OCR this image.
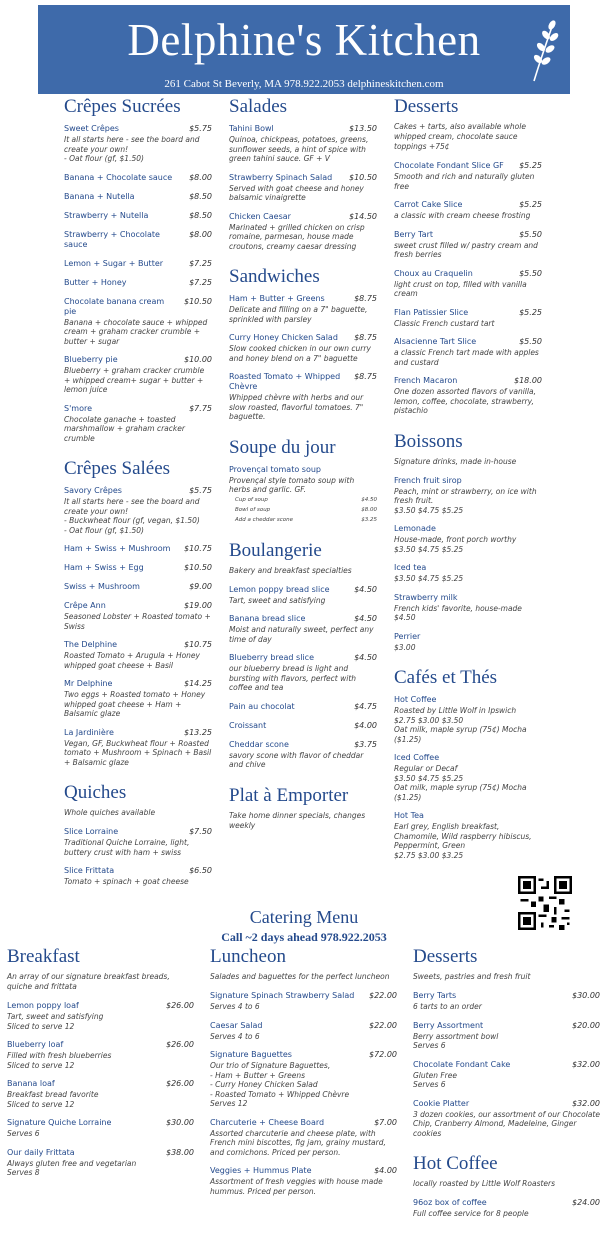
Delphine's Kitchen
261 Cabot St Beverly, MA 978.922.2053 delphineskitchen.com
Crêpes Sucrées
Sweet Crêpes	$5.75
It all starts here - see the board and create your own!
- Oat flour (gf, $1.50)
Banana + Chocolate sauce $8.00
Banana + Nutella	$8.50
Strawberry + Nutella	$8.50
Strawberry + Chocolate sauce
$8.00
Lemon + Sugar + Butter	$7.25
Butter + Honey	$7.25
Chocolate banana cream pie
$10.50
Banana + chocolate sauce + whipped cream + graham cracker crumble + butter + sugar
Blueberry pie	$10.00
Blueberry + graham cracker crumble + whipped cream+ sugar + butter + lemon juice
S'more	$7.75
Chocolate ganache + toasted marshmallow + graham cracker crumble
Crêpes Salées
Savory Crêpes	$5.75
It all starts here - see the board and create your own!
- Buckwheat flour (gf, vegan, $1.50)
- Oat flour (gf, $1.50)
Ham + Swiss + Mushroom $10.75
Ham + Swiss + Egg	$10.50
Swiss + Mushroom	$9.00
Crêpe Ann	$19.00
Seasoned Lobster + Roasted tomato + Swiss
The Delphine	$10.75
Roasted Tomato + Arugula + Honey whipped goat cheese + Basil
Mr Delphine	$14.25
Two eggs + Roasted tomato + Honey whipped goat cheese + Ham + Balsamic glaze
La Jardinière	$13.25
Vegan, GF, Buckwheat flour + Roasted tomato + Mushroom + Spinach + Basil + Balsamic glaze
Quiches
Whole quiches available
Slice Lorraine	$7.50
Traditional Quiche Lorraine, light, buttery crust with ham + swiss
Slice Frittata	$6.50
Tomato + spinach + goat cheese
Salades
Tahini Bowl	$13.50
Quinoa, chickpeas, potatoes, greens, sunflower seeds, a hint of spice with green tahini sauce. GF + V
Strawberry Spinach Salad $10.50
Served with goat cheese and honey balsamic vinaigrette
Chicken Caesar	$14.50
Marinated + grilled chicken on crisp romaine, parmesan, house made croutons, creamy caesar dressing
Sandwiches
Ham + Butter + Greens	$8.75
Delicate and filling on a 7" baguette, sprinkled with parsley
Curry Honey Chicken Salad $8.75
Slow cooked chicken in our own curry and honey blend on a 7" baguette
Roasted Tomato + Whipped Chèvre
$8.75
Whipped chèvre with herbs and our slow roasted, flavorful tomatoes. 7" baguette.
Soupe du jour
Provençal tomato soup
Provençal style tomato soup with herbs and garlic. GF.
Cup of soup	$4.50
Bowl of soup	$8.00
Add a cheddar scone	$3.25
Boulangerie
Bakery and breakfast specialties
Lemon poppy bread slice	$4.50
Tart, sweet and satisfying
Banana bread slice	$4.50
Moist and naturally sweet, perfect any time of day
Blueberry bread slice	$4.50
our blueberry bread is light and bursting with flavors, perfect with coffee and tea
Pain au chocolat	$4.75
Croissant	$4.00
Cheddar scone	$3.75
savory scone with flavor of cheddar and chive
Plat à Emporter
Take home dinner specials, changes weekly
Desserts
Cakes + tarts, also available whole whipped cream, chocolate sauce toppings +75¢
Chocolate Fondant Slice GF $5.25
Smooth and rich and naturally gluten free
Carrot Cake Slice	$5.25
a classic with cream cheese frosting
Berry Tart	$5.50
sweet crust filled w/ pastry cream and fresh berries
Choux au Craquelin	$5.50
light crust on top, filled with vanilla cream
Flan Patissier Slice	$5.25
Classic French custard tart
Alsacienne Tart Slice	$5.50
a classic French tart made with apples and custard
French Macaron	$18.00
One dozen assorted flavors of vanilla, lemon, coffee, chocolate, strawberry, pistachio
Boissons
Signature drinks, made in-house
French fruit sirop
Peach, mint or strawberry, on ice with fresh fruit.
$3.50 $4.75 $5.25
Lemonade
House-made, front porch worthy
$3.50 $4.75 $5.25
Iced tea
$3.50 $4.75 $5.25
Strawberry milk
French kids' favorite, house-made
$4.50
Perrier
$3.00
Cafés et Thés
Hot Coffee
Roasted by Little Wolf in Ipswich
$2.75 $3.00 $3.50
Oat milk, maple syrup (75¢) Mocha ($1.25)
Iced Coffee
Regular or Decaf
$3.50 $4.75 $5.25
Oat milk, maple syrup (75¢) Mocha ($1.25)
Hot Tea
Earl grey, English breakfast, Chamomile, Wild raspberry hibiscus, Peppermint, Green
$2.75 $3.00 $3.25
Catering Menu
Call ~2 days ahead 978.922.2053
Breakfast
An array of our signature breakfast breads, quiche and frittata
Lemon poppy loaf	$26.00
Tart, sweet and satisfying
Sliced to serve 12
Blueberry loaf	$26.00
Filled with fresh blueberries
Sliced to serve 12
Banana loaf	$26.00
Breakfast bread favorite
Sliced to serve 12
Signature Quiche Lorraine	$30.00
Serves 6
Our daily Frittata	$38.00
Always gluten free and vegetarian
Serves 8
Luncheon
Salades and baguettes for the perfect luncheon
Signature Spinach Strawberry Salad $22.00
Serves 4 to 6
Caesar Salad	$22.00
Serves 4 to 6
Signature Baguettes	$72.00
Our trio of Signature Baguettes,
- Ham + Butter + Greens
- Curry Honey Chicken Salad
- Roasted Tomato + Whipped Chèvre
Serves 12
Charcuterie + Cheese Board	$7.00
Assorted charcuterie and cheese plate, with French mini biscottes, fig jam, grainy mustard, and cornichons. Priced per person.
Veggies + Hummus Plate	$4.00
Assortment of fresh veggies with house made hummus. Priced per person.
Desserts
Sweets, pastries and fresh fruit
Berry Tarts	$30.00
6 tarts to an order
Berry Assortment	$20.00
Berry assortment bowl
Serves 6
Chocolate Fondant Cake	$32.00
Gluten Free
Serves 6
Cookie Platter	$32.00
3 dozen cookies, our assortment of our Chocolate Chip, Cranberry Almond, Madeleine, Ginger cookies
Hot Coffee
locally roasted by Little Wolf Roasters
96oz box of coffee	$24.00
Full coffee service for 8 people
